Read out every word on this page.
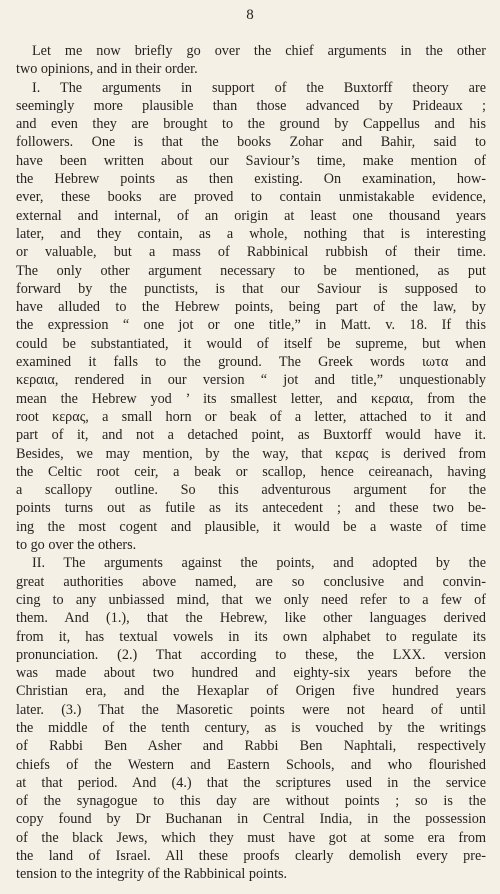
8
Let me now briefly go over the chief arguments in the other
two opinions, and in their order.
I. The arguments in support of the Buxtorff theory are
seemingly more plausible than those advanced by Prideaux ;
and even they are brought to the ground by Cappellus and his
followers. One is that the books Zohar and Bahir, said to
have been written about our Saviour’s time, make mention of
the Hebrew points as then existing. On examination, how-
ever, these books are proved to contain unmistakable evidence,
external and internal, of an origin at least one thousand years
later, and they contain, as a whole, nothing that is interesting
or valuable, but a mass of Rabbinical rubbish of their time.
The only other argument necessary to be mentioned, as put
forward by the punctists, is that our Saviour is supposed to
have alluded to the Hebrew points, being part of the law, by
the expression “ one jot or one title,” in Matt. v. 18. If this
could be substantiated, it would of itself be supreme, but when
examined it falls to the ground. The Greek words ιωτα and
κεραια, rendered in our version “ jot and title,” unquestionably
mean the Hebrew yod ’ its smallest letter, and κεραια, from the
root κερας, a small horn or beak of a letter, attached to it and
part of it, and not a detached point, as Buxtorff would have it.
Besides, we may mention, by the way, that κερας is derived from
the Celtic root ceir, a beak or scallop, hence ceireanach, having
a scallopy outline. So this adventurous argument for the
points turns out as futile as its antecedent ; and these two be-
ing the most cogent and plausible, it would be a waste of time
to go over the others.
II. The arguments against the points, and adopted by the
great authorities above named, are so conclusive and convin-
cing to any unbiassed mind, that we only need refer to a few of
them. And (1.), that the Hebrew, like other languages derived
from it, has textual vowels in its own alphabet to regulate its
pronunciation. (2.) That according to these, the LXX. version
was made about two hundred and eighty-six years before the
Christian era, and the Hexaplar of Origen five hundred years
later. (3.) That the Masoretic points were not heard of until
the middle of the tenth century, as is vouched by the writings
of Rabbi Ben Asher and Rabbi Ben Naphtali, respectively
chiefs of the Western and Eastern Schools, and who flourished
at that period. And (4.) that the scriptures used in the service
of the synagogue to this day are without points ; so is the
copy found by Dr Buchanan in Central India, in the possession
of the black Jews, which they must have got at some era from
the land of Israel. All these proofs clearly demolish every pre-
tension to the integrity of the Rabbinical points.
